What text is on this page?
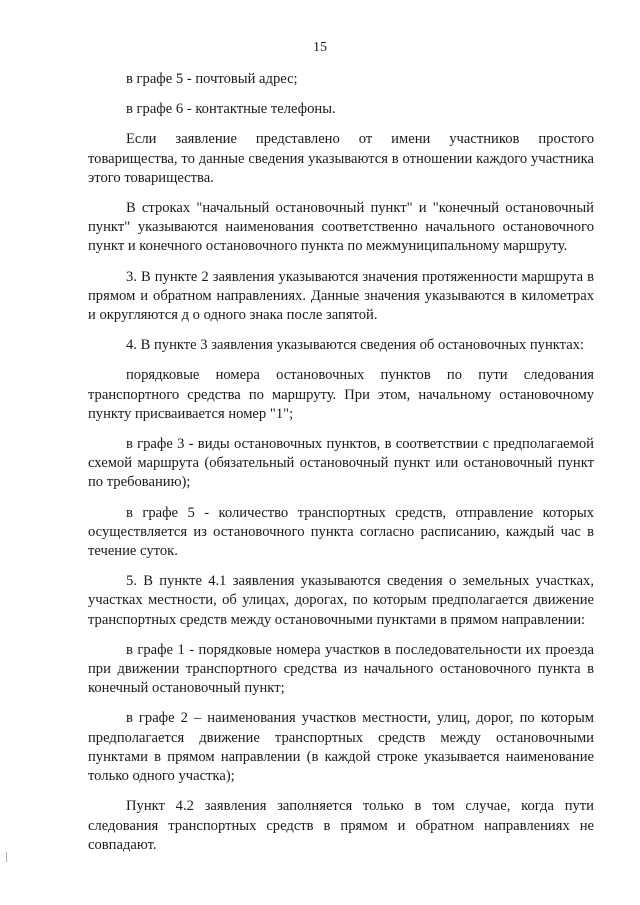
15

в графе 5 - почтовый адрес;

в графе 6 - контактные телефоны.

Если заявление представлено от имени участников простого товарищества, то данные сведения указываются в отношении каждого участника этого товарищества.

В строках "начальный остановочный пункт" и "конечный остановочный пункт" указываются наименования соответственно начального остановочного пункт и конечного остановочного пункта по межмуниципальному маршруту.

3. В пункте 2 заявления указываются значения протяженности маршрута в прямом и обратном направлениях. Данные значения указываются в километрах и округляются д о одного знака после запятой.

4. В пункте 3 заявления указываются сведения об остановочных пунктах:

порядковые номера остановочных пунктов по пути следования транспортного средства по маршруту. При этом, начальному остановочному пункту присваивается номер "1";

в графе 3 - виды остановочных пунктов, в соответствии с предполагаемой схемой маршрута (обязательный остановочный пункт или остановочный пункт по требованию);

в графе 5 - количество транспортных средств, отправление которых осуществляется из остановочного пункта согласно расписанию, каждый час в течение суток.

5. В пункте 4.1 заявления указываются сведения о земельных участках, участках местности, об улицах, дорогах, по которым предполагается движение транспортных средств между остановочными пунктами в прямом направлении:

в графе 1 - порядковые номера участков в последовательности их проезда при движении транспортного средства из начального остановочного пункта в конечный остановочный пункт;

в графе 2 – наименования участков местности, улиц, дорог, по которым предполагается движение транспортных средств между остановочными пунктами в прямом направлении (в каждой строке указывается наименование только одного участка);

Пункт 4.2 заявления заполняется только в том случае, когда пути следования транспортных средств в прямом и обратном направлениях не совпадают.
